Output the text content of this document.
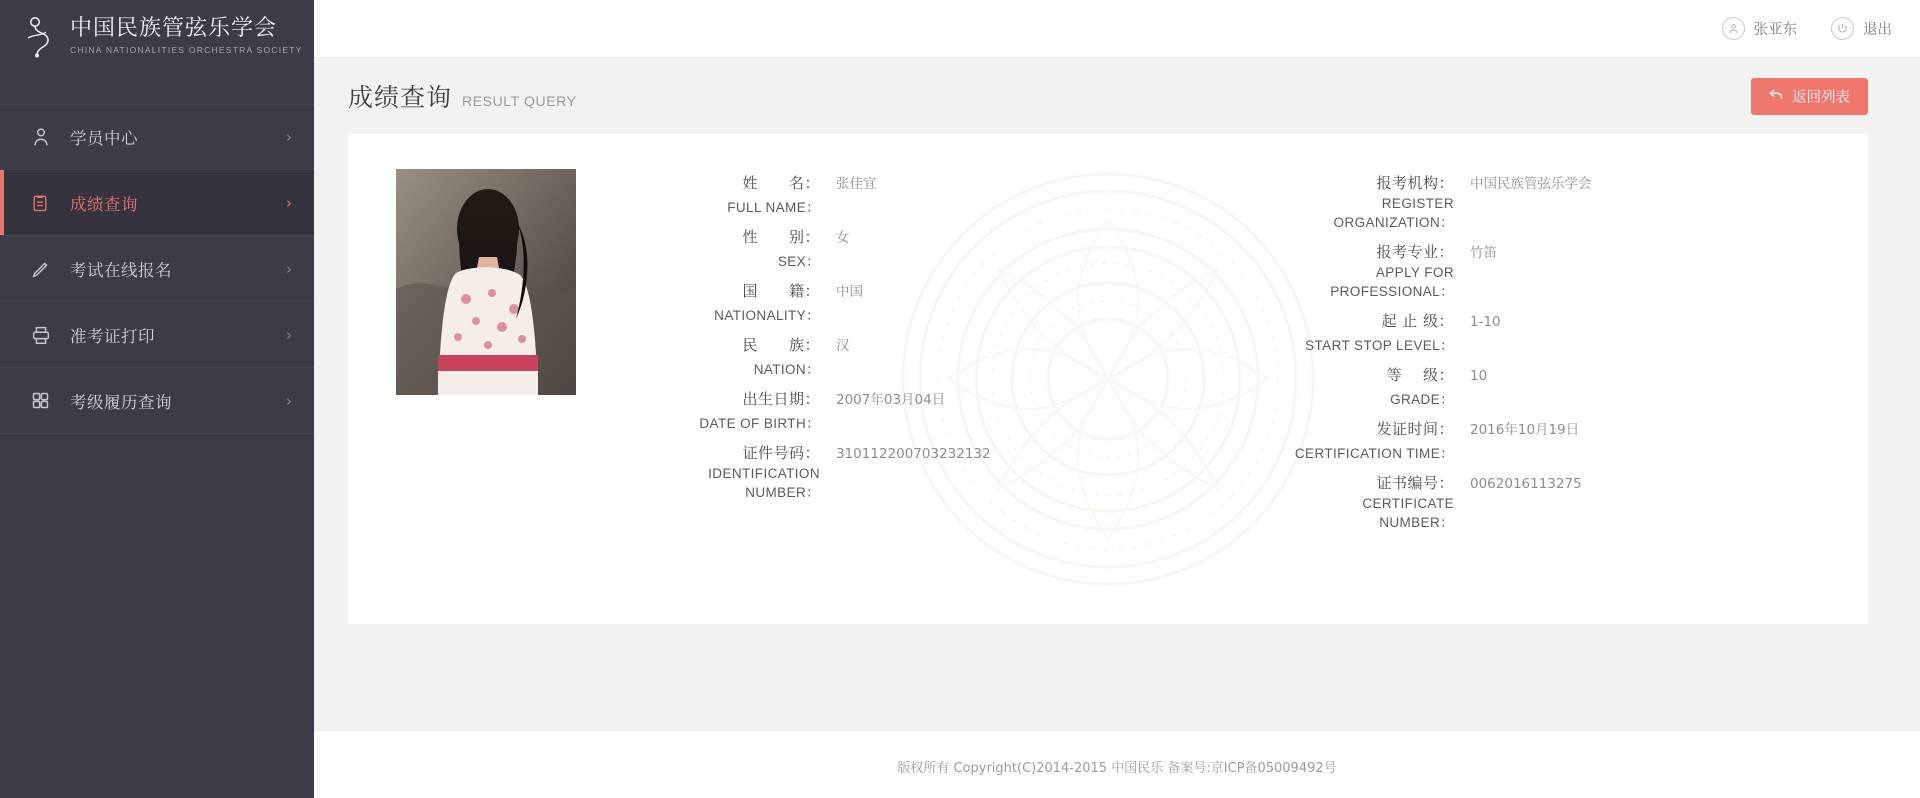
中国民族管弦乐学会
CHINA NATIONALITIES ORCHESTRA SOCIETY
学员中心	›
成绩查询	›
考试在线报名	›
准考证打印	›
考级履历查询	›
张亚东	退出
成绩查询 RESULT QUERY	返回列表
姓　　名： 张佳宜
FULL NAME：
性　　别： 女
SEX：
国　　籍： 中国
NATIONALITY：
民　　族： 汉
NATION：
出生日期： 2007年03月04日
DATE OF BIRTH：
证件号码： 310112200703232132
IDENTIFICATION NUMBER：
报考机构： 中国民族管弦乐学会
REGISTER ORGANIZATION：
报考专业： 竹笛
APPLY FOR PROFESSIONAL：
起 止 级： 1-10
START STOP LEVEL：
等　 级： 10
GRADE：
发证时间： 2016年10月19日
CERTIFICATION TIME：
证书编号： 0062016113275
CERTIFICATE NUMBER：
版权所有 Copyright(C)2014-2015 中国民乐 备案号:京ICP备05009492号
